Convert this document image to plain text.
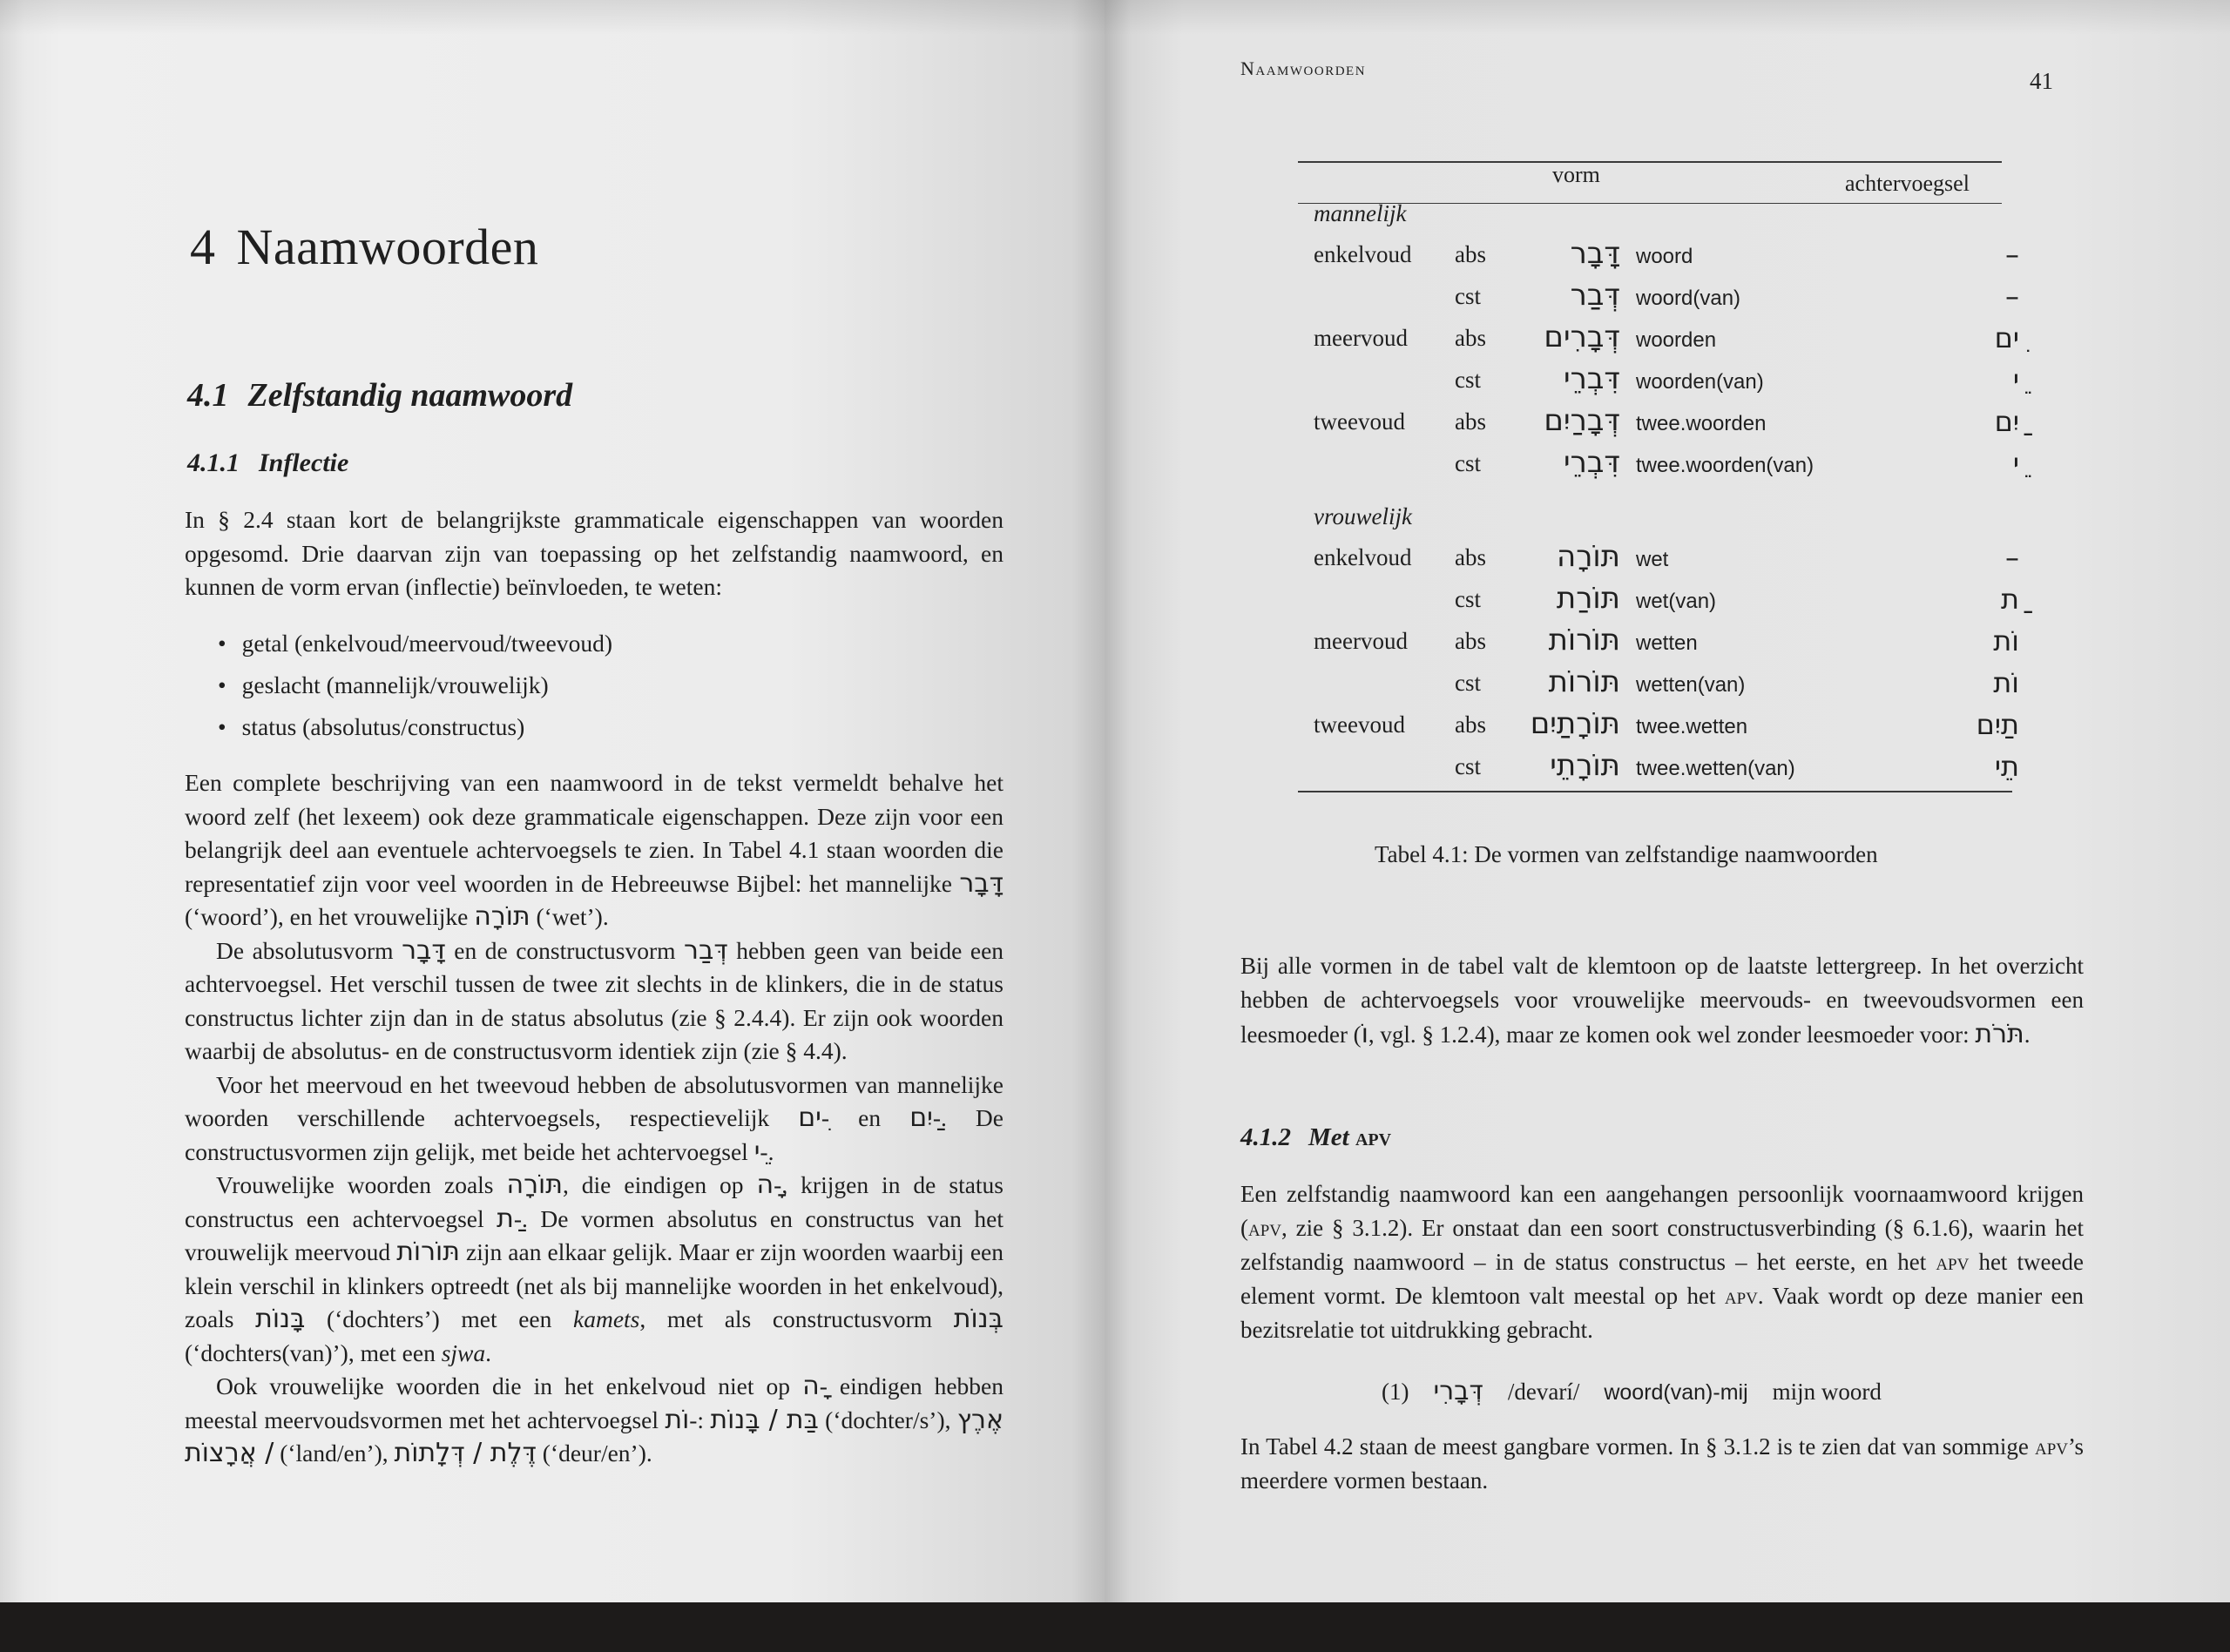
4 Naamwoorden
4.1 Zelfstandig naamwoord
4.1.1 Inflectie

In § 2.4 staan kort de belangrijkste grammaticale eigenschappen van woorden opgesomd. Drie daarvan zijn van toepassing op het zelfstandig naamwoord, en kunnen de vorm ervan (inflectie) beïnvloeden, te weten:

• getal (enkelvoud/meervoud/tweevoud)
• geslacht (mannelijk/vrouwelijk)
• status (absolutus/constructus)

Een complete beschrijving van een naamwoord in de tekst vermeldt behalve het woord zelf (het lexeem) ook deze grammaticale eigenschappen. Deze zijn voor een belangrijk deel aan eventuele achtervoegsels te zien. In Tabel 4.1 staan woorden die representatief zijn voor veel woorden in de Hebreeuwse Bijbel: het mannelijke דָּבָר (‘woord’), en het vrouwelijke תּוֹרָה (‘wet’).
De absolutusvorm דָּבָר en de constructusvorm דְּבַר hebben geen van beide een achtervoegsel. Het verschil tussen de twee zit slechts in de klinkers, die in de status constructus lichter zijn dan in de status absolutus (zie § 2.4.4). Er zijn ook woorden waarbij de absolutus- en de constructusvorm identiek zijn (zie § 4.4).
Voor het meervoud en het tweevoud hebben de absolutusvormen van mannelijke woorden verschillende achtervoegsels, respectievelijk ִים- en ַיִם-. De constructusvormen zijn gelijk, met beide het achtervoegsel ֵי-.
Vrouwelijke woorden zoals תּוֹרָה, die eindigen op ָה-, krijgen in de status constructus een achtervoegsel ַת-. De vormen absolutus en constructus van het vrouwelijk meervoud תּוֹרוֹת zijn aan elkaar gelijk. Maar er zijn woorden waarbij een klein verschil in klinkers optreedt (net als bij mannelijke woorden in het enkelvoud), zoals בָּנוֹת (‘dochters’) met een kamets, met als constructusvorm בְּנוֹת (‘dochters(van)’), met een sjwa.
Ook vrouwelijke woorden die in het enkelvoud niet op ָה- eindigen hebben meestal meervoudsvormen met het achtervoegsel וֹת-: בַּת / בָּנוֹת (‘dochter/s’), אֶרֶץ / אֲרָצוֹת (‘land/en’), דֶּלֶת / דְּלָתוֹת (‘deur/en’).

Naamwoorden	41
vorm	achtervoegsel
mannelijk
enkelvoud abs	דָּבָר woord	–
cst	דְּבַר woord(van)	–
meervoud abs דְּבָרִים woorden	ִים
cst	דִּבְרֵי woorden(van)	ֵי
tweevoud abs דְּבָרַיִם twee.woorden	ַיִם
cst	דִּבְרֵי twee.woorden(van)	ֵי
vrouwelijk
enkelvoud abs תּוֹרָה wet	–
cst	תּוֹרַת wet(van)	ַת
meervoud abs תּוֹרוֹת wetten	וֹת
cst תּוֹרוֹת wetten(van)	וֹת
tweevoud abs תּוֹרָתַיִם twee.wetten	תַיִם
cst תּוֹרָתֵי twee.wetten(van)	תֵי
Tabel 4.1: De vormen van zelfstandige naamwoorden

Bij alle vormen in de tabel valt de klemtoon op de laatste lettergreep. In het overzicht hebben de achtervoegsels voor vrouwelijke meervouds- en tweevoudsvormen een leesmoeder (וֹ, vgl. § 1.2.4), maar ze komen ook wel zonder leesmoeder voor: תֹּרֹת.

4.1.2 Met apv

Een zelfstandig naamwoord kan een aangehangen persoonlijk voornaamwoord krijgen (apv, zie § 3.1.2). Er onstaat dan een soort constructusverbinding (§ 6.1.6), waarin het zelfstandig naamwoord – in de status constructus – het eerste, en het apv het tweede element vormt. De klemtoon valt meestal op het apv. Vaak wordt op deze manier een bezitsrelatie tot uitdrukking gebracht.

(1) דְּבָרִי /devarí/ woord(van)-mij mijn woord

In Tabel 4.2 staan de meest gangbare vormen. In § 3.1.2 is te zien dat van sommige apv’s meerdere vormen bestaan.
